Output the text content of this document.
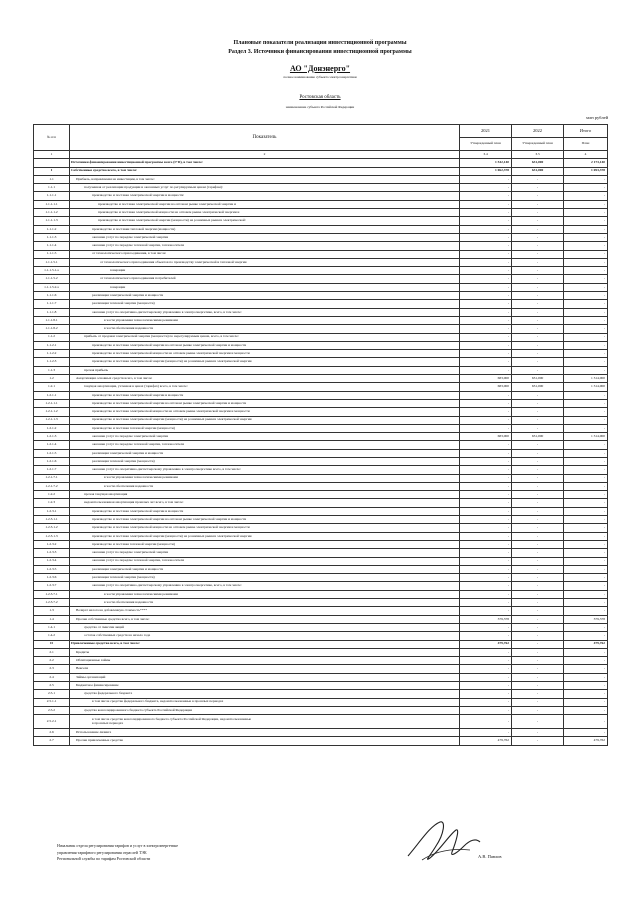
Плановые показатели реализации инвестиционной программы
Раздел 3. Источники финансирования инвестиционной программы
АО "Донэнерго"
полное наименование субъекта электроэнергетики
Ростовская область
наименование субъекта Российской Федерации
млн рублей
№ п/п	Показатель	2021	2022	Итого
		Утвержденный план	Утвержденный план	План
1	2	3.4	3.5	4
	Источники финансирования инвестиционной программы всего (I+II), в том числе:	1 542,140	631,000	2 173,140
I	Собственные средства всего, в том числе:	1 062,378	631,000	1 693,378
1.1	Прибыль, направляемая на инвестиции, в том числе:	-	-	-
1.1.1	полученная от реализации продукции и оказанных услуг по регулируемым ценам (тарифам):	-	-	-
1.1.1.1	производство и поставка электрической энергии и мощности:	-	-	-
1.1.1.1.1	производство и поставка электрической энергии на оптовом рынке электрической энергии и	-	-	-
1.1.1.1.2	производство и поставка электрической мощности на оптовом рынке электрической энергии и	-	-	-
1.1.1.1.3	производство и поставка электрической энергии (мощности) на розничных рынках электрической:	-	-	-
1.1.1.2	производство и поставки тепловой энергии (мощности)	-	-	-
1.1.1.3	оказание услуг по передаче электрической энергии	-	-	-
1.1.1.4	оказание услуг по передаче тепловой энергии, теплоносителя	-	-	-
1.1.1.5	от технологического присоединения, в том числе:	-	-	-
1.1.1.5.1	от технологического присоединения объектов по производству электрической и тепловой энергии	-	-	-
1.1.1.5.1.а	генерации	-	-	-
1.1.1.5.2	от технологического присоединения потребителей	-	-	-
1.1.1.5.2.а	генерации	-	-	-
1.1.1.6	реализация электрической энергии и мощности	-	-	-
1.1.1.7	реализация тепловой энергии (мощности)	-	-	-
1.1.1.8	оказание услуг по оперативно-диспетчерскому управлению в электроэнергетике, всего, в том числе:	-	-	-
1.1.1.8.1	в части управления технологическими режимами	-	-	-
1.1.1.8.2	в части обеспечения надежности	-	-	-
1.1.2	прибыль от продажи электрической энергии (мощности) по нерегулируемым ценам, всего, в том числе:	-	-	-
1.1.2.1	производство и поставка электрической энергии на оптовом рынке электрической энергии и мощности	-	-	-
1.1.2.2	производство и поставка электрической мощности на оптовом рынке электрической энергии и мощности	-	-	-
1.1.2.3	производство и поставка электрической энергии (мощности) на розничных рынках электрической энергии	-	-	-
1.1.3	прочая прибыль	-	-	-
1.2	Амортизация основных средств всего, в том числе:	683,000	631,000	1 314,000
1.2.1	текущая амортизация, учтенная в ценах (тарифах) всего, в том числе:	683,000	631,000	1 314,000
1.2.1.1	производство и поставка электрической энергии и мощности	-	-	-
1.2.1.1.1	производство и поставка электрической энергии на оптовом рынке электрической энергии и мощности	-	-	-
1.2.1.1.2	производство и поставка электрической мощности на оптовом рынке электрической энергии и мощности	-	-	-
1.2.1.1.3	производство и поставка электрической энергии (мощности) на розничных рынках электрической энергии	-	-	-
1.2.1.2	производство и поставка тепловой энергии (мощности)	-	-	-
1.2.1.3	оказание услуг по передаче электрической энергии	683,000	631,000	1 314,000
1.2.1.4	оказание услуг по передаче тепловой энергии, теплоносителя	-	-	-
1.2.1.5	реализация электрической энергии и мощности	-	-	-
1.2.1.6	реализация тепловой энергии (мощности)	-	-	-
1.2.1.7	оказание услуг по оперативно-диспетчерскому управлению в электроэнергетике всего, в том числе:	-	-	-
1.2.1.7.1	в части управления технологическими режимами	-	-	-
1.2.1.7.2	в части обеспечения надежности	-	-	-
1.2.2	прочая текущая амортизация	-	-	-
1.2.3	недоиспользованная амортизация прошлых лет всего, в том числе:	-	-	-
1.2.3.1	производство и поставка электрической энергии и мощности	-	-	-
1.2.3.1.1	производство и поставка электрической энергии на оптовом рынке электрической энергии и мощности	-	-	-
1.2.3.1.2	производство и поставка электрической мощности на оптовом рынке электрической энергии и мощности	-	-	-
1.2.3.1.3	производство и поставка электрической энергии (мощности) на розничных рынках электрической энергии	-	-	-
1.2.3.2	производство и поставка тепловой энергии (мощности)	-	-	-
1.2.3.3	оказание услуг по передаче электрической энергии	-	-	-
1.2.3.4	оказание услуг по передаче тепловой энергии, теплоносителя	-	-	-
1.2.3.5	реализация электрической энергии и мощности	-	-	-
1.2.3.6	реализация тепловой энергии (мощности)	-	-	-
1.2.3.7	оказание услуг по оперативно-диспетчерскому управлению в электроэнергетике, всего, в том числе:	-	-	-
1.2.3.7.1	в части управления технологическими режимами	-	-	-
1.2.3.7.2	в части обеспечения надежности	-	-	-
1.3	Возврат налога на добавленную стоимость****	-	-	-
1.4	Прочие собственные средства всего, в том числе:	379,378	-	379,378
1.4.1	средства от эмиссии акций	-	-	-
1.4.2	остаток собственных средств на начало года	-	-	-
II	Привлеченные средства всего, в том числе:	479,762	-	479,762
2.1	Кредиты	-	-	-
2.2	Облигационные займы	-	-	-
2.3	Векселя	-	-	-
2.4	Займы организаций	-	-	-
2.5	Бюджетное финансирование	-	-	-
2.5.1	средства федерального бюджета	-	-	-
2.5.1.1	в том числе средства федерального бюджета, недоиспользованные в прошлых периодах	-	-	-
2.5.2	средства консолидированного бюджета субъекта Российской Федерации	-	-	-
2.5.2.1	в том числе средства консолидированного бюджета субъекта Российской Федерации, недоиспользованные
в прошлых периодах	-	-	-
2.6	Использование лизинга	-	-	-
2.7	Прочие привлеченные средства	479,762	-	479,762
Начальник отдела регулирования тарифов и услуг в электроэнергетике
управления тарифного регулирования отраслей ТЭК
Региональной службы по тарифам Ростовской области	А.В. Павлов
